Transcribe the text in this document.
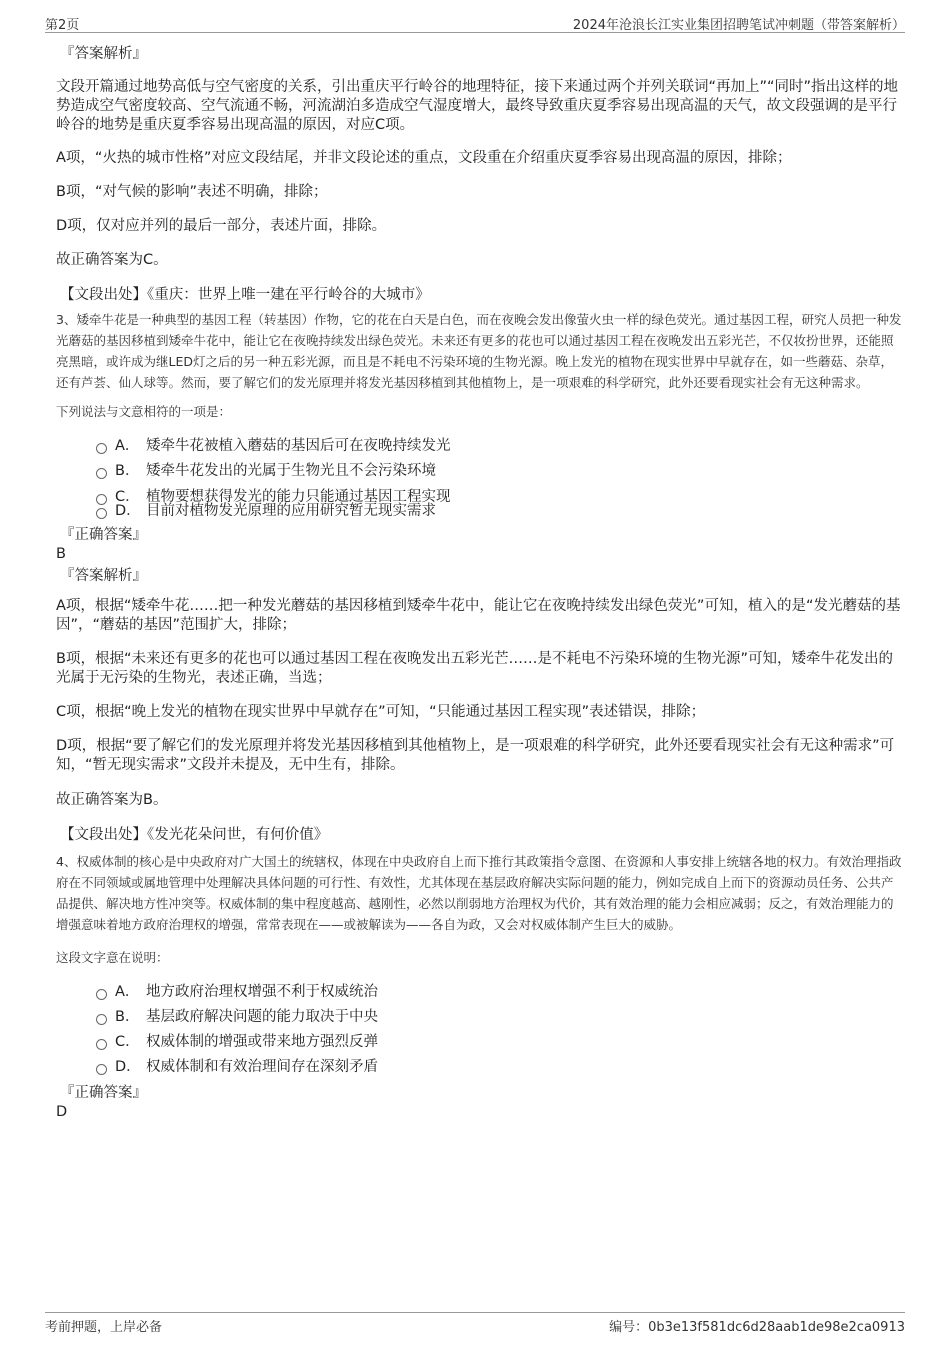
第2页	2024年沧浪长江实业集团招聘笔试冲刺题（带答案解析）

『答案解析』

文段开篇通过地势高低与空气密度的关系，引出重庆平行岭谷的地理特征，接下来通过两个并列关联词“再加上”“同时”指出这样的地势造成空气密度较高、空气流通不畅，河流湖泊多造成空气湿度增大，最终导致重庆夏季容易出现高温的天气，故文段强调的是平行岭谷的地势是重庆夏季容易出现高温的原因，对应C项。

A项，“火热的城市性格”对应文段结尾，并非文段论述的重点，文段重在介绍重庆夏季容易出现高温的原因，排除；

B项，“对气候的影响”表述不明确，排除；

D项，仅对应并列的最后一部分，表述片面，排除。

故正确答案为C。

【文段出处】《重庆：世界上唯一建在平行岭谷的大城市》

3、矮牵牛花是一种典型的基因工程（转基因）作物，它的花在白天是白色，而在夜晚会发出像萤火虫一样的绿色荧光。通过基因工程，研究人员把一种发光蘑菇的基因移植到矮牵牛花中，能让它在夜晚持续发出绿色荧光。未来还有更多的花也可以通过基因工程在夜晚发出五彩光芒，不仅妆扮世界，还能照亮黑暗，或许成为继LED灯之后的另一种五彩光源，而且是不耗电不污染环境的生物光源。晚上发光的植物在现实世界中早就存在，如一些蘑菇、杂草，还有芦荟、仙人球等。然而，要了解它们的发光原理并将发光基因移植到其他植物上，是一项艰难的科学研究，此外还要看现实社会有无这种需求。

下列说法与文意相符的一项是：

A． 矮牵牛花被植入蘑菇的基因后可在夜晚持续发光
B． 矮牵牛花发出的光属于生物光且不会污染环境
C． 植物要想获得发光的能力只能通过基因工程实现
D． 目前对植物发光原理的应用研究暂无现实需求

『正确答案』

B

『答案解析』

A项，根据“矮牵牛花……把一种发光蘑菇的基因移植到矮牵牛花中，能让它在夜晚持续发出绿色荧光”可知，植入的是“发光蘑菇的基因”，“蘑菇的基因”范围扩大，排除；

B项，根据“未来还有更多的花也可以通过基因工程在夜晚发出五彩光芒……是不耗电不污染环境的生物光源”可知，矮牵牛花发出的光属于无污染的生物光，表述正确，当选；

C项，根据“晚上发光的植物在现实世界中早就存在”可知，“只能通过基因工程实现”表述错误，排除；

D项，根据“要了解它们的发光原理并将发光基因移植到其他植物上，是一项艰难的科学研究，此外还要看现实社会有无这种需求”可知，“暂无现实需求”文段并未提及，无中生有，排除。

故正确答案为B。

【文段出处】《发光花朵问世，有何价值》

4、权威体制的核心是中央政府对广大国土的统辖权，体现在中央政府自上而下推行其政策指令意图、在资源和人事安排上统辖各地的权力。有效治理指政府在不同领域或属地管理中处理解决具体问题的可行性、有效性，尤其体现在基层政府解决实际问题的能力，例如完成自上而下的资源动员任务、公共产品提供、解决地方性冲突等。权威体制的集中程度越高、越刚性，必然以削弱地方治理权为代价，其有效治理的能力会相应减弱；反之，有效治理能力的增强意味着地方政府治理权的增强，常常表现在——或被解读为——各自为政，又会对权威体制产生巨大的威胁。

这段文字意在说明：

A． 地方政府治理权增强不利于权威统治
B． 基层政府解决问题的能力取决于中央
C． 权威体制的增强或带来地方强烈反弹
D． 权威体制和有效治理间存在深刻矛盾

『正确答案』

D

考前押题，上岸必备	编号：0b3e13f581dc6d28aab1de98e2ca0913
